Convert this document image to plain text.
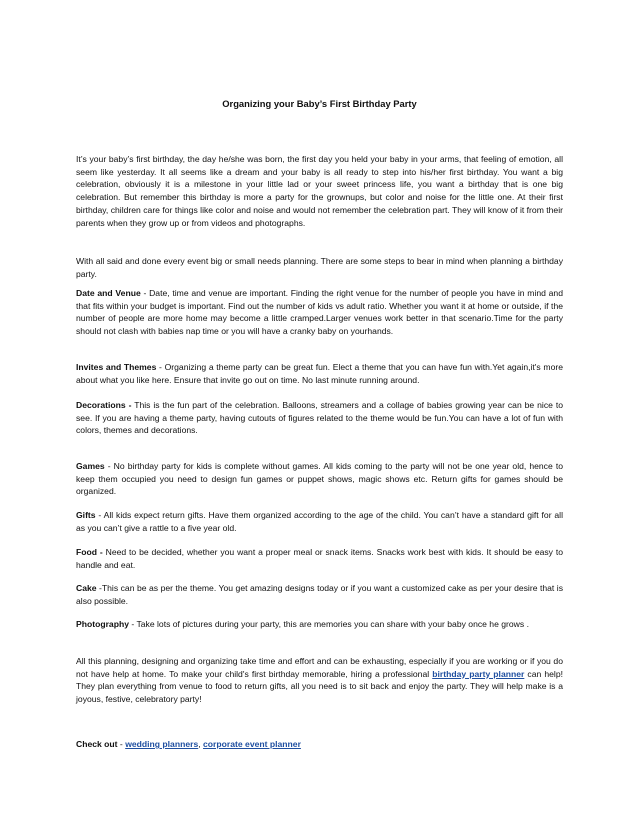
Organizing your Baby’s First Birthday Party

It’s your baby’s first birthday, the day he/she was born, the first day you held your baby in your arms, that feeling of emotion, all seem like yesterday. It all seems like a dream and your baby is all ready to step into his/her first birthday. You want a big celebration, obviously it is a milestone in your little lad or your sweet princess life, you want a birthday that is one big celebration. But remember this birthday is more a party for the grownups, but color and noise for the little one. At their first birthday, children care for things like color and noise and would not remember the celebration part. They will know of it from their parents when they grow up or from videos and photographs.

With all said and done every event big or small needs planning. There are some steps to bear in mind when planning a birthday party.

Date and Venue - Date, time and venue are important. Finding the right venue for the number of people you have in mind and that fits within your budget is important. Find out the number of kids vs adult ratio. Whether you want it at home or outside, if the number of people are more home may become a little cramped.Larger venues work better in that scenario.Time for the party should not clash with babies nap time or you will have a cranky baby on yourhands.

Invites and Themes - Organizing a theme party can be great fun. Elect a theme that you can have fun with.Yet again,it's more about what you like here. Ensure that invite go out on time. No last minute running around.

Decorations - This is the fun part of the celebration. Balloons, streamers and a collage of babies growing year can be nice to see. If you are having a theme party, having cutouts of figures related to the theme would be fun.You can have a lot of fun with colors, themes and decorations.

Games - No birthday party for kids is complete without games. All kids coming to the party will not be one year old, hence to keep them occupied you need to design fun games or puppet shows, magic shows etc. Return gifts for games should be organized.

Gifts - All kids expect return gifts. Have them organized according to the age of the child. You can’t have a standard gift for all as you can’t give a rattle to a five year old.

Food - Need to be decided, whether you want a proper meal or snack items. Snacks work best with kids. It should be easy to handle and eat.

Cake -This can be as per the theme. You get amazing designs today or if you want a customized cake as per your desire that is also possible.

Photography - Take lots of pictures during your party, this are memories you can share with your baby once he grows .

All this planning, designing and organizing take time and effort and can be exhausting, especially if you are working or if you do not have help at home. To make your child's first birthday memorable, hiring a professional birthday party planner can help! They plan everything from venue to food to return gifts, all you need is to sit back and enjoy the party. They will help make is a joyous, festive, celebratory party!

Check out - wedding planners, corporate event planner
